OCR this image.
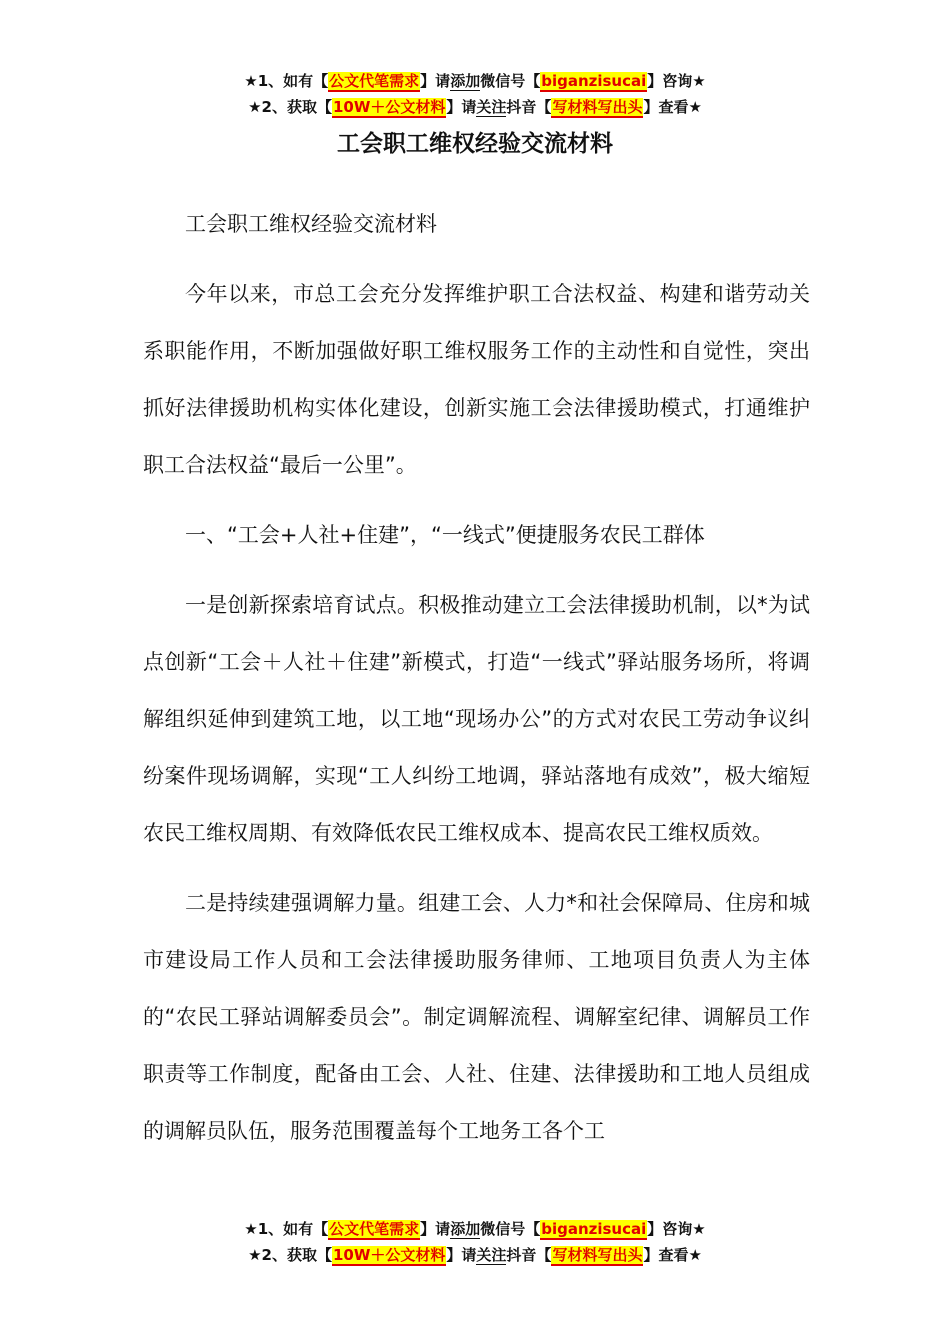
★1、如有【公文代笔需求】请添加微信号【biganzisucai】咨询★
★2、获取【10W＋公文材料】请关注抖音【写材料写出头】查看★
工会职工维权经验交流材料

工会职工维权经验交流材料

今年以来，市总工会充分发挥维护职工合法权益、构建和谐劳动关系职能作用，不断加强做好职工维权服务工作的主动性和自觉性，突出抓好法律援助机构实体化建设，创新实施工会法律援助模式，打通维护职工合法权益“最后一公里”。

一、“工会+人社+住建”，“一线式”便捷服务农民工群体

一是创新探索培育试点。积极推动建立工会法律援助机制，以*为试点创新“工会＋人社＋住建”新模式，打造“一线式”驿站服务场所，将调解组织延伸到建筑工地，以工地“现场办公”的方式对农民工劳动争议纠纷案件现场调解，实现“工人纠纷工地调，驿站落地有成效”，极大缩短农民工维权周期、有效降低农民工维权成本、提高农民工维权质效。

二是持续建强调解力量。组建工会、人力*和社会保障局、住房和城市建设局工作人员和工会法律援助服务律师、工地项目负责人为主体的“农民工驿站调解委员会”。制定调解流程、调解室纪律、调解员工作职责等工作制度，配备由工会、人社、住建、法律援助和工地人员组成的调解员队伍，服务范围覆盖每个工地务工各个工

★1、如有【公文代笔需求】请添加微信号【biganzisucai】咨询★
★2、获取【10W＋公文材料】请关注抖音【写材料写出头】查看★
